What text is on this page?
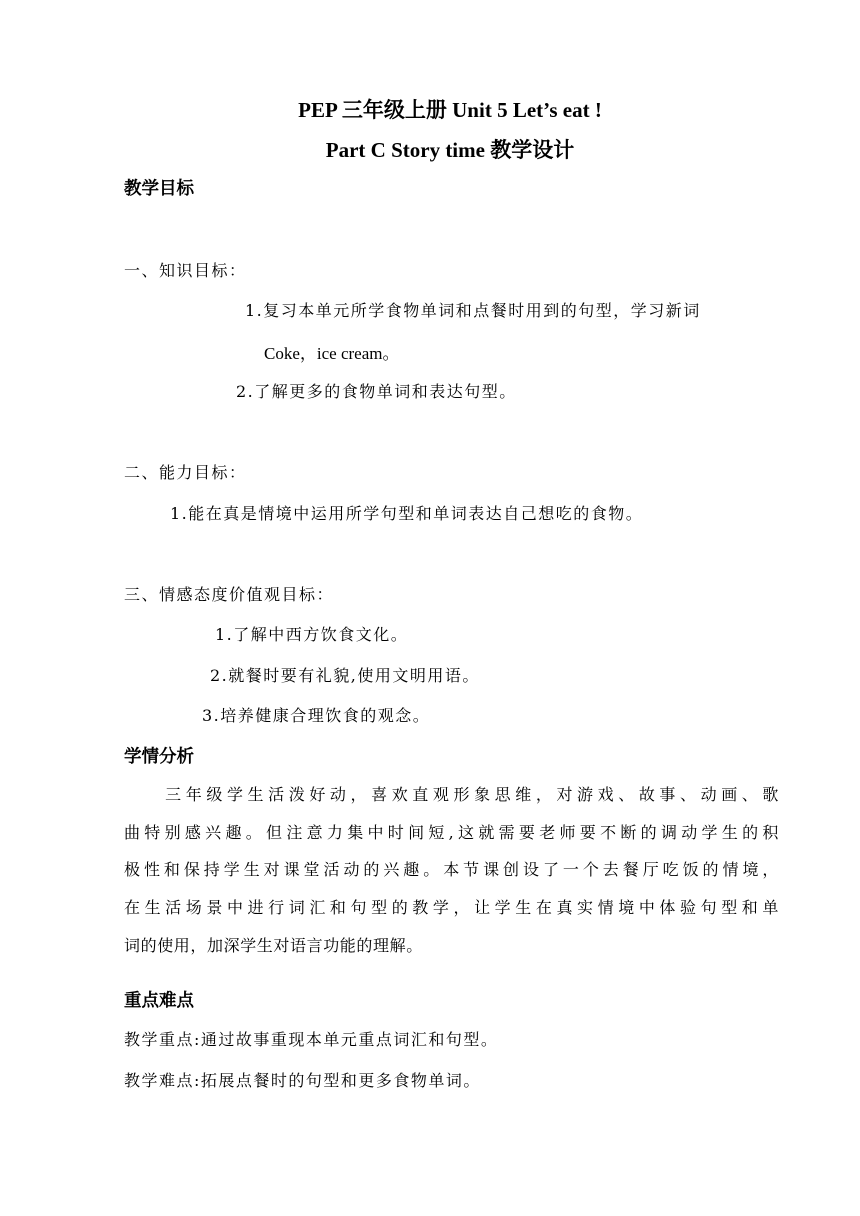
PEP 三年级上册 Unit 5 Let’s eat !
Part C Story time 教学设计
教学目标
一、知识目标：
1.复习本单元所学食物单词和点餐时用到的句型，学习新词
Coke，ice cream。
2.了解更多的食物单词和表达句型。
二、能力目标：
1.能在真是情境中运用所学句型和单词表达自己想吃的食物。
三、情感态度价值观目标：
1.了解中西方饮食文化。
2.就餐时要有礼貌,使用文明用语。
3.培养健康合理饮食的观念。
学情分析
　　三年级学生活泼好动，喜欢直观形象思维，对游戏、故事、动画、歌
曲特别感兴趣。但注意力集中时间短,这就需要老师要不断的调动学生的积
极性和保持学生对课堂活动的兴趣。本节课创设了一个去餐厅吃饭的情境，
在生活场景中进行词汇和句型的教学，让学生在真实情境中体验句型和单
词的使用，加深学生对语言功能的理解。
重点难点
教学重点:通过故事重现本单元重点词汇和句型。
教学难点:拓展点餐时的句型和更多食物单词。
